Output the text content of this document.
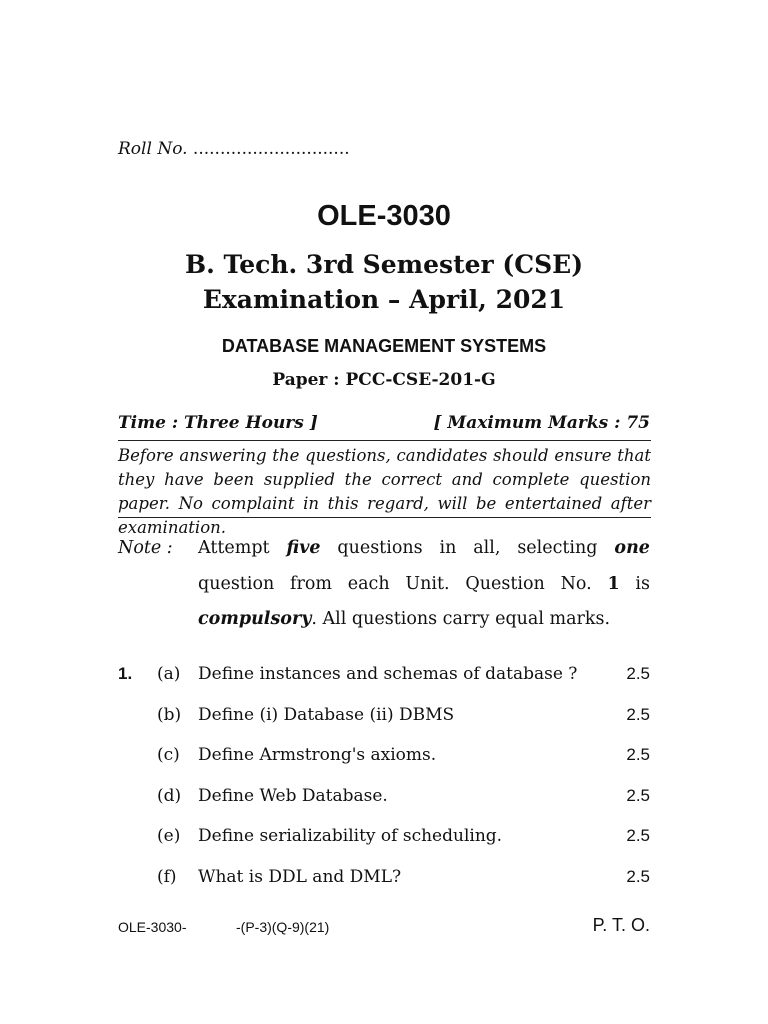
Roll No. .............................
OLE-3030
B. Tech. 3rd Semester (CSE)
Examination – April, 2021
DATABASE MANAGEMENT SYSTEMS
Paper : PCC-CSE-201-G
Time : Three Hours ]	[ Maximum Marks : 75
Before answering the questions, candidates should ensure that they have been supplied the correct and complete question paper. No complaint in this regard, will be entertained after examination.
Note : Attempt five questions in all, selecting one
question from each Unit. Question No. 1 is
compulsory. All questions carry equal marks.
1. (a) Define instances and schemas of database ?	2.5
(b) Define (i) Database (ii) DBMS	2.5
(c) Define Armstrong's axioms.	2.5
(d) Define Web Database.	2.5
(e) Define serializability of scheduling.	2.5
(f) What is DDL and DML?	2.5
OLE-3030-	-(P-3)(Q-9)(21)	P. T. O.
